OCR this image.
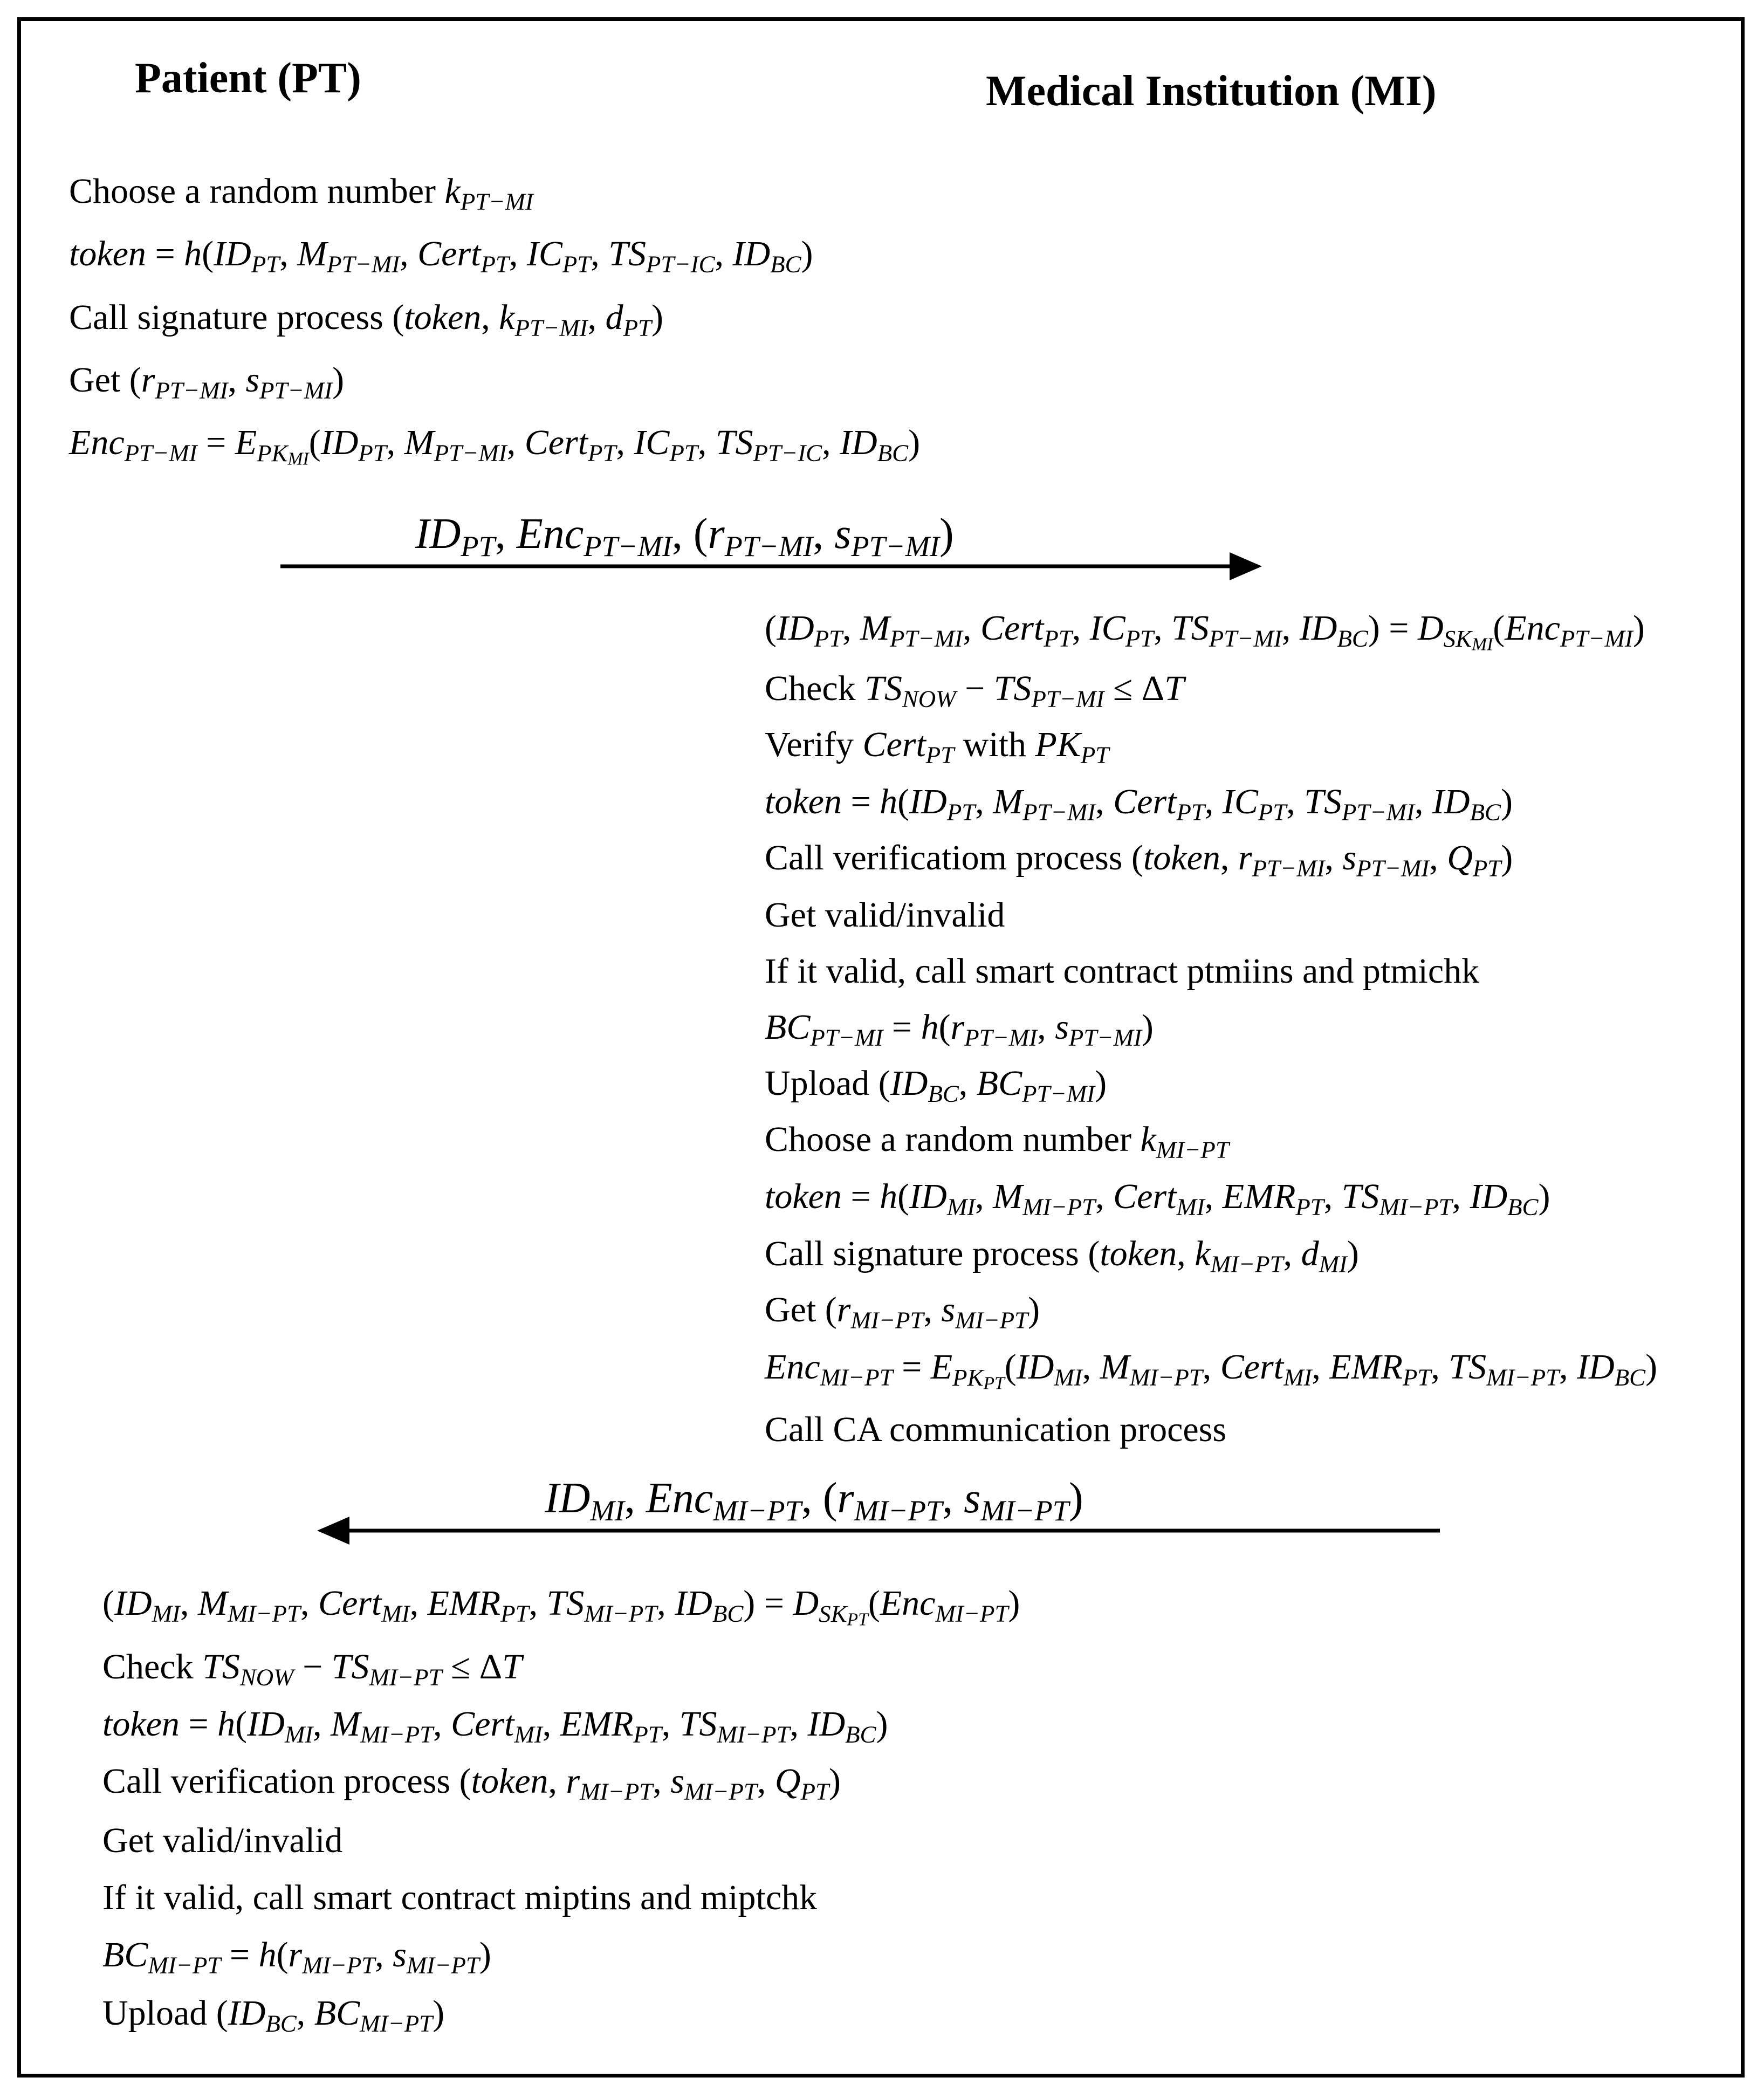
Patient (PT)	Medical Institution (MI)
Choose a random number $k_{PT-MI}$
token = $h(ID_{PT}$, $M_{PT-MI}$, Cert$_{PT}$, $IC_{PT}$, $TS_{PT-IC}$, $ID_{BC}$)
Call signature process (token, $k_{PT-MI}$, $d_{PT}$)
Get ($r_{PT-MI}$, $s_{PT-MI}$)
$Enc_{PT-MI} = E_{PK_{MI}}(ID_{PT}$, $M_{PT-MI}$, Cert$_{PT}$, $IC_{PT}$, $TS_{PT-IC}$, $ID_{BC}$)
$ID_{PT}$, Enc$_{PT-MI}$, ($r_{PT-MI}$, $s_{PT-MI}$)
($ID_{PT}$, $M_{PT-MI}$, Cert$_{PT}$, $IC_{PT}$, $TS_{PT-MI}$, $ID_{BC}) = D_{SK_{MI}}(Enc_{PT-MI})$
Check $TS_{NOW} - TS_{PT-MI} \le \Delta T$
Verify Cert$_{PT}$ with $PK_{PT}$
token = $h(ID_{PT}$, $M_{PT-MI}$, Cert$_{PT}$, $IC_{PT}$, $TS_{PT-MI}$, $ID_{BC}$)
Call verificatiom process (token, $r_{PT-MI}$, $s_{PT-MI}$, $Q_{PT}$)
Get valid/invalid
If it valid, call smart contract ptmiins and ptmichk
$BC_{PT-MI} = h(r_{PT-MI}$, $s_{PT-MI}$)
Upload ($ID_{BC}$, $BC_{PT-MI}$)
Choose a random number $k_{MI-PT}$
token = $h(ID_{MI}$, $M_{MI-PT}$, Cert$_{MI}$, $EMR_{PT}$, $TS_{MI-PT}$, $ID_{BC}$)
Call signature process (token, $k_{MI-PT}$, $d_{MI}$)
Get ($r_{MI-PT}$, $s_{MI-PT}$)
$Enc_{MI-PT} = E_{PK_{PT}}(ID_{MI}$, $M_{MI-PT}$, Cert$_{MI}$, $EMR_{PT}$, $TS_{MI-PT}$, $ID_{BC}$)
Call CA communication process
$ID_{MI}$, Enc$_{MI-PT}$, ($r_{MI-PT}$, $s_{MI-PT}$)
($ID_{MI}$, $M_{MI-PT}$, Cert$_{MI}$, $EMR_{PT}$, $TS_{MI-PT}$, $ID_{BC}) = D_{SK_{PT}}(Enc_{MI-PT})$
Check $TS_{NOW} - TS_{MI-PT} \le \Delta T$
token = $h(ID_{MI}$, $M_{MI-PT}$, Cert$_{MI}$, $EMR_{PT}$, $TS_{MI-PT}$, $ID_{BC}$)
Call verification process (token, $r_{MI-PT}$, $s_{MI-PT}$, $Q_{PT}$)
Get valid/invalid
If it valid, call smart contract miptins and miptchk
$BC_{MI-PT} = h(r_{MI-PT}$, $s_{MI-PT}$)
Upload ($ID_{BC}$, $BC_{MI-PT}$)
